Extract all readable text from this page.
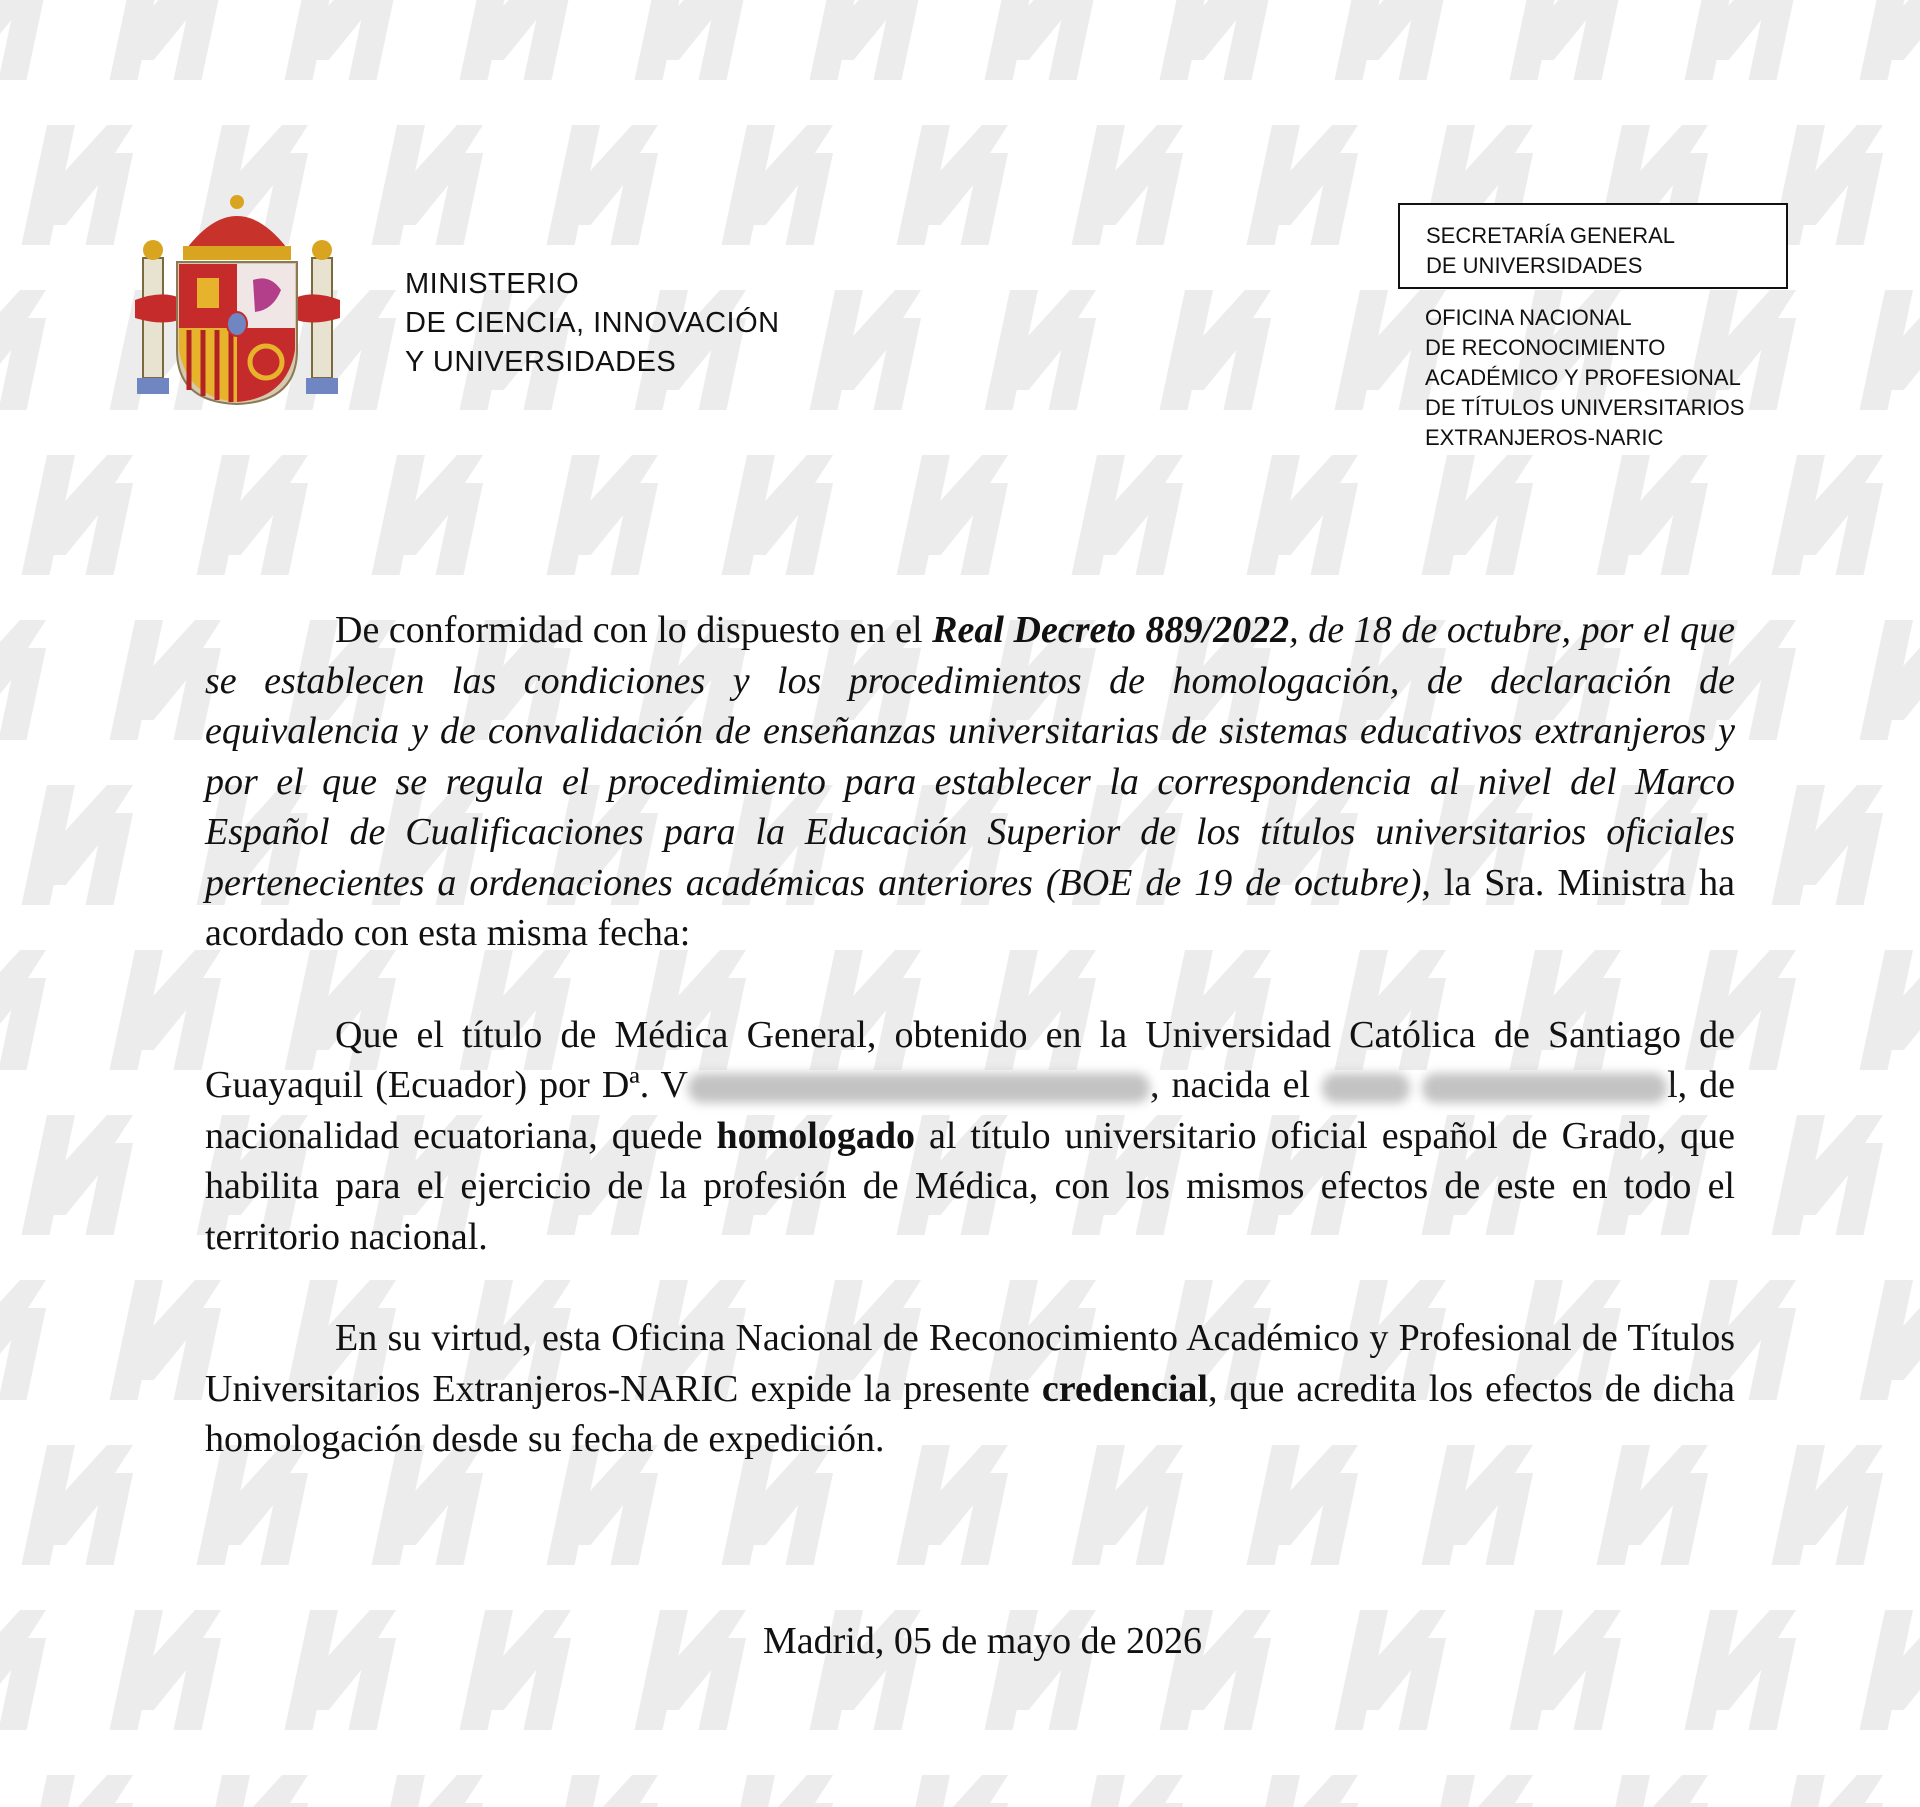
MINISTERIO
DE CIENCIA, INNOVACIÓN
Y UNIVERSIDADES
SECRETARÍA GENERAL
DE UNIVERSIDADES
OFICINA NACIONAL
DE RECONOCIMIENTO
ACADÉMICO Y PROFESIONAL
DE TÍTULOS UNIVERSITARIOS
EXTRANJEROS-NARIC

De conformidad con lo dispuesto en el Real Decreto 889/2022, de 18 de octubre, por el que se establecen las condiciones y los procedimientos de homologación, de declaración de equivalencia y de convalidación de enseñanzas universitarias de sistemas educativos extranjeros y por el que se regula el procedimiento para establecer la correspondencia al nivel del Marco Español de Cualificaciones para la Educación Superior de los títulos universitarios oficiales pertenecientes a ordenaciones académicas anteriores (BOE de 19 de octubre), la Sra. Ministra ha acordado con esta misma fecha:

Que el título de Médica General, obtenido en la Universidad Católica de Santiago de Guayaquil (Ecuador) por Dª. V	, nacida el	l, de nacionalidad ecuatoriana, quede homologado al título universitario oficial español de Grado, que habilita para el ejercicio de la profesión de Médica, con los mismos efectos de este en todo el territorio nacional.

En su virtud, esta Oficina Nacional de Reconocimiento Académico y Profesional de Títulos Universitarios Extranjeros-NARIC expide la presente credencial, que acredita los efectos de dicha homologación desde su fecha de expedición.

Madrid, 05 de mayo de 2026
